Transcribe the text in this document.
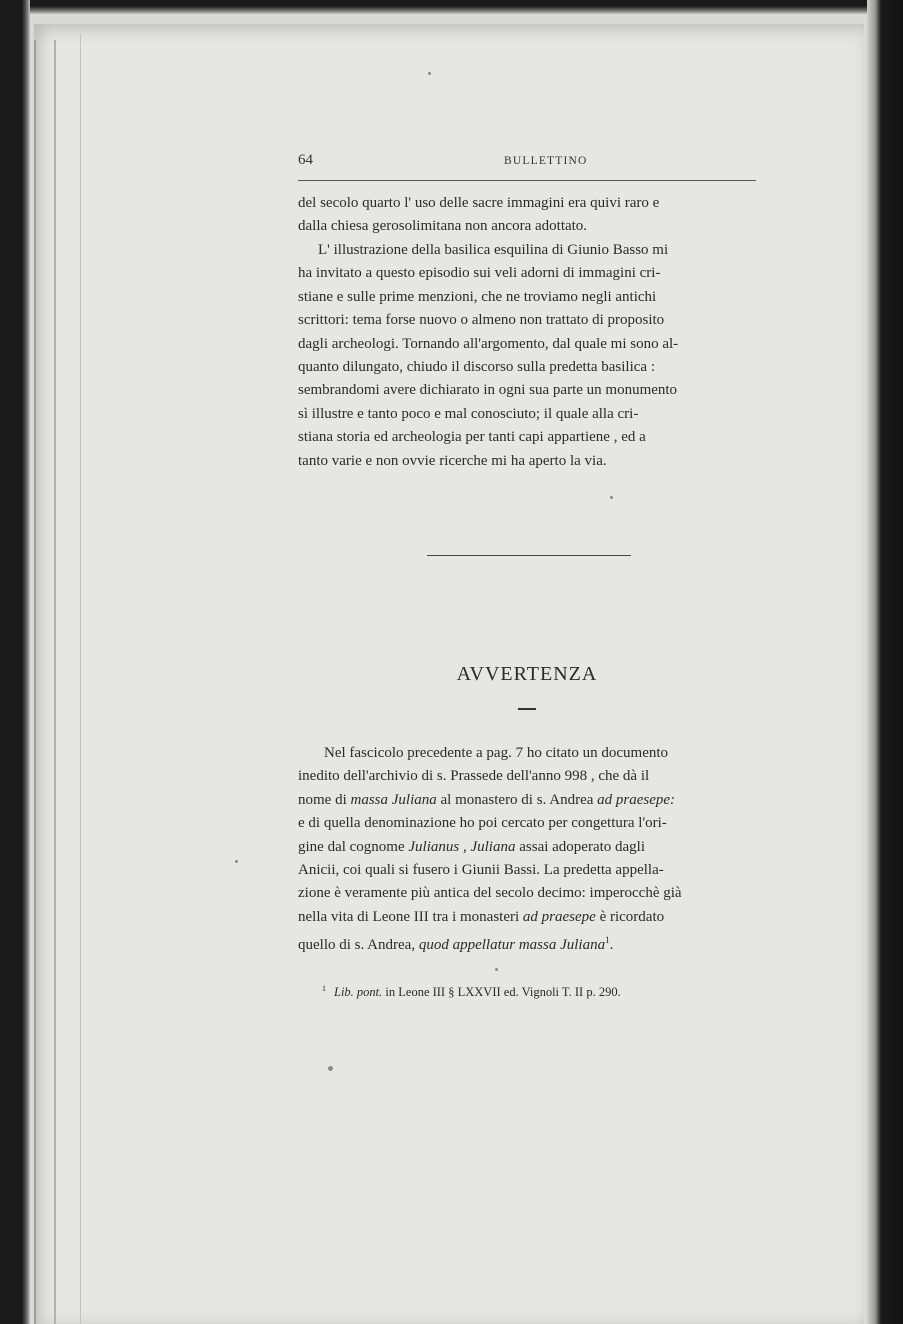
64	BULLETTINO
del secolo quarto l' uso delle sacre immagini era quivi raro e
dalla chiesa gerosolimitana non ancora adottato.
L' illustrazione della basilica esquilina di Giunio Basso mi
ha invitato a questo episodio sui veli adorni di immagini cri-
stiane e sulle prime menzioni, che ne troviamo negli antichi
scrittori: tema forse nuovo o almeno non trattato di proposito
dagli archeologi. Tornando all'argomento, dal quale mi sono al-
quanto dilungato, chiudo il discorso sulla predetta basilica :
sembrandomi avere dichiarato in ogni sua parte un monumento
sì illustre e tanto poco e mal conosciuto; il quale alla cri-
stiana storia ed archeologia per tanti capi appartiene , ed a
tanto varie e non ovvie ricerche mi ha aperto la via.
AVVERTENZA
Nel fascicolo precedente a pag. 7 ho citato un documento
inedito dell'archivio di s. Prassede dell'anno 998 , che dà il
nome di massa Juliana al monastero di s. Andrea ad praesepe:
e di quella denominazione ho poi cercato per congettura l'ori-
gine dal cognome Julianus , Juliana assai adoperato dagli
Anicii, coi quali si fusero i Giunii Bassi. La predetta appella-
zione è veramente più antica del secolo decimo: imperocchè già
nella vita di Leone III tra i monasteri ad praesepe è ricordato
quello di s. Andrea, quod appellatur massa Juliana$^1$.
$^1$ Lib. pont. in Leone III § LXXVII ed. Vignoli T. II p. 290.
